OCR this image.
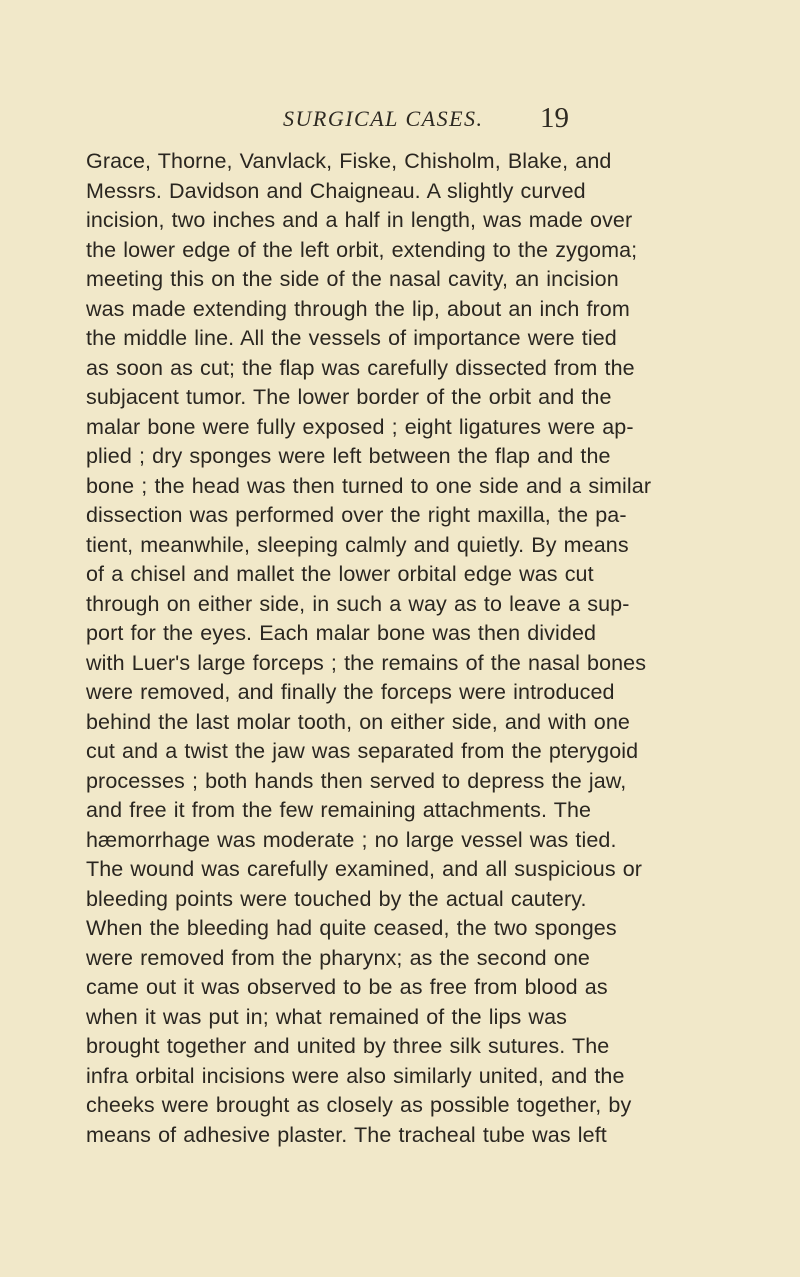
SURGICAL CASES. 19
Grace, Thorne, Vanvlack, Fiske, Chisholm, Blake, and
Messrs. Davidson and Chaigneau. A slightly curved
incision, two inches and a half in length, was made over
the lower edge of the left orbit, extending to the zygoma;
meeting this on the side of the nasal cavity, an incision
was made extending through the lip, about an inch from
the middle line. All the vessels of importance were tied
as soon as cut; the flap was carefully dissected from the
subjacent tumor. The lower border of the orbit and the
malar bone were fully exposed ; eight ligatures were ap-
plied ; dry sponges were left between the flap and the
bone ; the head was then turned to one side and a similar
dissection was performed over the right maxilla, the pa-
tient, meanwhile, sleeping calmly and quietly. By means
of a chisel and mallet the lower orbital edge was cut
through on either side, in such a way as to leave a sup-
port for the eyes. Each malar bone was then divided
with Luer's large forceps ; the remains of the nasal bones
were removed, and finally the forceps were introduced
behind the last molar tooth, on either side, and with one
cut and a twist the jaw was separated from the pterygoid
processes ; both hands then served to depress the jaw,
and free it from the few remaining attachments. The
hæmorrhage was moderate ; no large vessel was tied.
The wound was carefully examined, and all suspicious or
bleeding points were touched by the actual cautery.
When the bleeding had quite ceased, the two sponges
were removed from the pharynx; as the second one
came out it was observed to be as free from blood as
when it was put in; what remained of the lips was
brought together and united by three silk sutures. The
infra orbital incisions were also similarly united, and the
cheeks were brought as closely as possible together, by
means of adhesive plaster. The tracheal tube was left
